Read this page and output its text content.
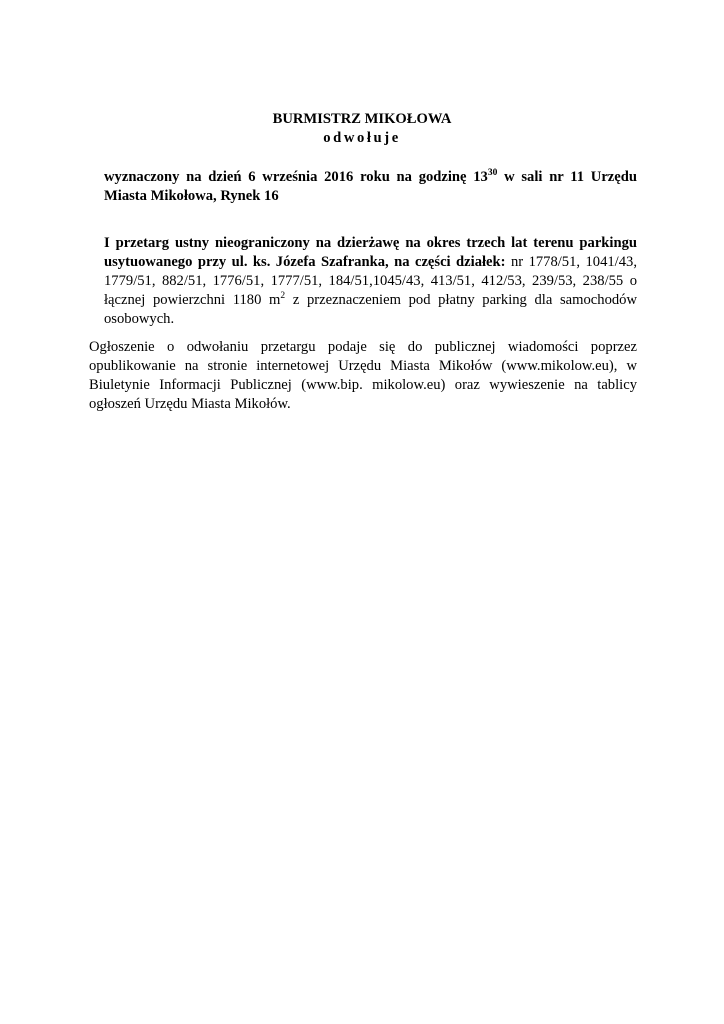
BURMISTRZ MIKOŁOWA
odwołuje
wyznaczony na dzień 6 września 2016 roku na godzinę $13^{30}$ w sali nr 11 Urzędu Miasta Mikołowa, Rynek 16
I przetarg ustny nieograniczony na dzierżawę na okres trzech lat terenu parkingu usytuowanego przy ul. ks. Józefa Szafranka, na części działek: nr 1778/51, 1041/43, 1779/51, 882/51, 1776/51, 1777/51, 184/51,1045/43, 413/51, 412/53, 239/53, 238/55 o łącznej powierzchni 1180 $m^2$ z przeznaczeniem pod płatny parking dla samochodów osobowych.
Ogłoszenie o odwołaniu przetargu podaje się do publicznej wiadomości poprzez opublikowanie na stronie internetowej Urzędu Miasta Mikołów (www.mikolow.eu), w Biuletynie Informacji Publicznej (www.bip. mikolow.eu) oraz wywieszenie na tablicy ogłoszeń Urzędu Miasta Mikołów.
